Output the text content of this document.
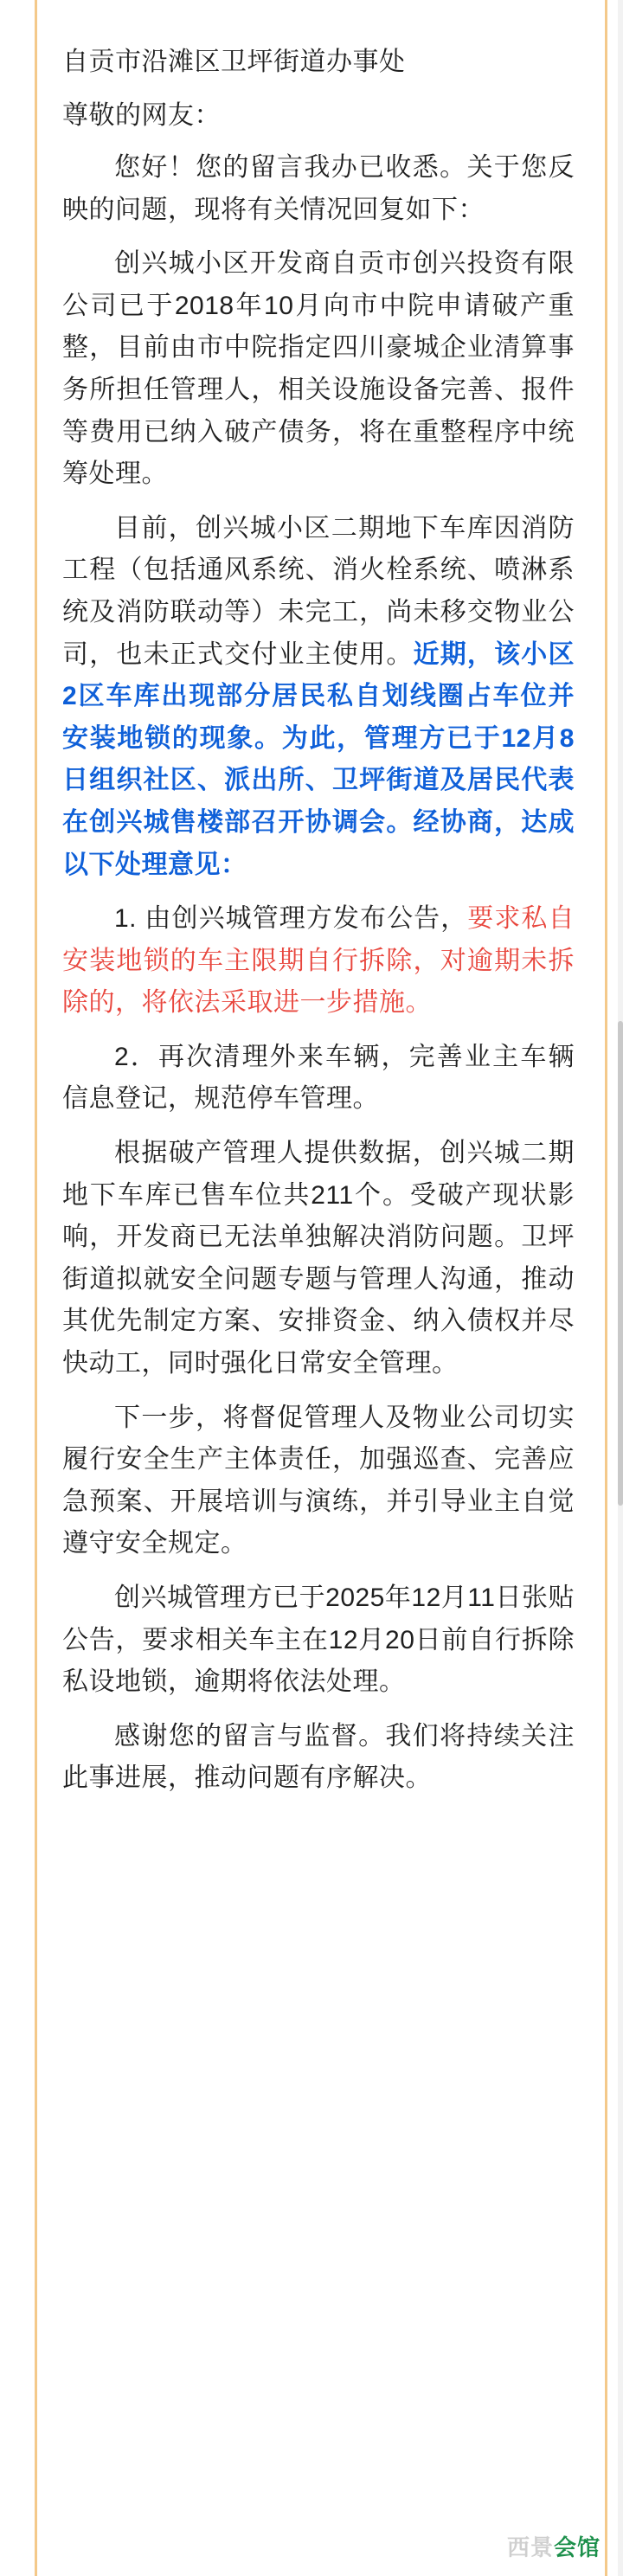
自贡市沿滩区卫坪街道办事处
尊敬的网友：

您好！您的留言我办已收悉。关于您反映的问题，现将有关情况回复如下：

创兴城小区开发商自贡市创兴投资有限公司已于2018年10月向市中院申请破产重整，目前由市中院指定四川豪城企业清算事务所担任管理人，相关设施设备完善、报件等费用已纳入破产债务，将在重整程序中统筹处理。

目前，创兴城小区二期地下车库因消防工程（包括通风系统、消火栓系统、喷淋系统及消防联动等）未完工，尚未移交物业公司，也未正式交付业主使用。近期，该小区2区车库出现部分居民私自划线圈占车位并安装地锁的现象。为此，管理方已于12月8日组织社区、派出所、卫坪街道及居民代表在创兴城售楼部召开协调会。经协商，达成以下处理意见：

1. 由创兴城管理方发布公告，要求私自安装地锁的车主限期自行拆除，对逾期未拆除的，将依法采取进一步措施。

2．再次清理外来车辆，完善业主车辆信息登记，规范停车管理。

根据破产管理人提供数据，创兴城二期地下车库已售车位共211个。受破产现状影响，开发商已无法单独解决消防问题。卫坪街道拟就安全问题专题与管理人沟通，推动其优先制定方案、安排资金、纳入债权并尽快动工，同时强化日常安全管理。

下一步，将督促管理人及物业公司切实履行安全生产主体责任，加强巡查、完善应急预案、开展培训与演练，并引导业主自觉遵守安全规定。

创兴城管理方已于2025年12月11日张贴公告，要求相关车主在12月20日前自行拆除私设地锁，逾期将依法处理。

感谢您的留言与监督。我们将持续关注此事进展，推动问题有序解决。

西景 会馆
